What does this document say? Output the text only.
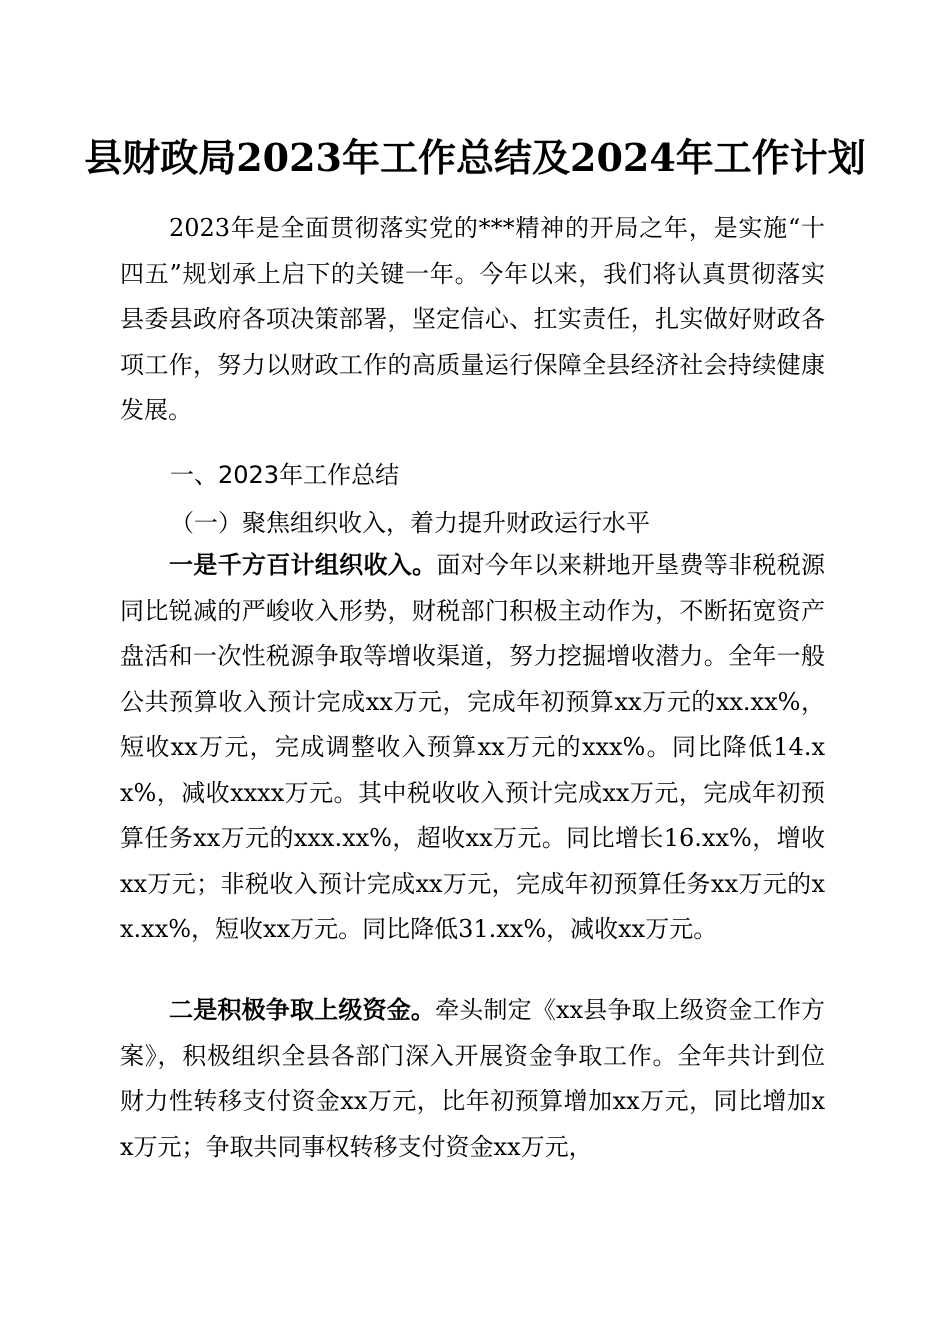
县财政局2023年工作总结及2024年工作计划
2023年是全面贯彻落实党的***精神的开局之年，是实施“十四五”规划承上启下的关键一年。今年以来，我们将认真贯彻落实县委县政府各项决策部署，坚定信心、扛实责任，扎实做好财政各项工作，努力以财政工作的高质量运行保障全县经济社会持续健康发展。
一、2023年工作总结
（一）聚焦组织收入，着力提升财政运行水平
一是千方百计组织收入。面对今年以来耕地开垦费等非税税源同比锐减的严峻收入形势，财税部门积极主动作为，不断拓宽资产盘活和一次性税源争取等增收渠道，努力挖掘增收潜力。全年一般公共预算收入预计完成xx万元，完成年初预算xx万元的xx.xx%，短收xx万元，完成调整收入预算xx万元的xxx%。同比降低14.xx%，减收xxxx万元。其中税收收入预计完成xx万元，完成年初预算任务xx万元的xxx.xx%，超收xx万元。同比增长16.xx%，增收xx万元；非税收入预计完成xx万元，完成年初预算任务xx万元的xx.xx%，短收xx万元。同比降低31.xx%，减收xx万元。
二是积极争取上级资金。牵头制定《xx县争取上级资金工作方案》，积极组织全县各部门深入开展资金争取工作。全年共计到位财力性转移支付资金xx万元，比年初预算增加xx万元，同比增加xx万元；争取共同事权转移支付资金xx万元，
